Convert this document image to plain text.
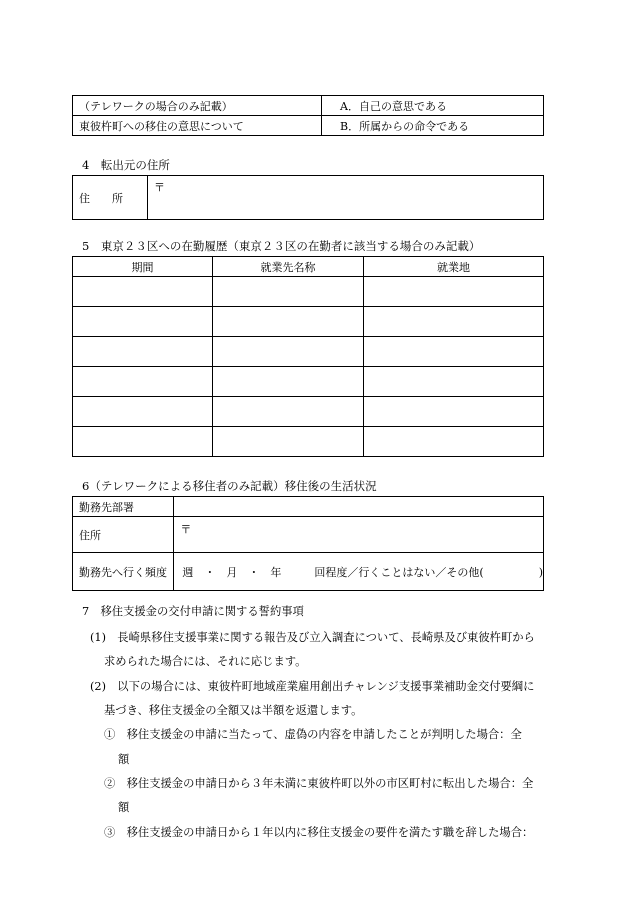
（テレワークの場合のみ記載）	A．自己の意思である
東彼杵町への移住の意思について	B．所属からの命令である
4　転出元の住所
住　　所	〒
5　東京２３区への在勤履歴（東京２３区の在勤者に該当する場合のみ記載）
期間	就業先名称	就業地

6（テレワークによる移住者のみ記載）移住後の生活状況
勤務先部署	
住所	〒
勤務先へ行く頻度	週　・　月　・　年　　　回程度／行くことはない／その他(　　　　　)
7　移住支援金の交付申請に関する誓約事項
(1)　長崎県移住支援事業に関する報告及び立入調査について、長崎県及び東彼杵町から
求められた場合には、それに応じます。
(2)　以下の場合には、東彼杵町地域産業雇用創出チャレンジ支援事業補助金交付要綱に
基づき、移住支援金の全額又は半額を返還します。
①　移住支援金の申請に当たって、虚偽の内容を申請したことが判明した場合：全
額
②　移住支援金の申請日から３年未満に東彼杵町以外の市区町村に転出した場合：全
額
③　移住支援金の申請日から１年以内に移住支援金の要件を満たす職を辞した場合：
